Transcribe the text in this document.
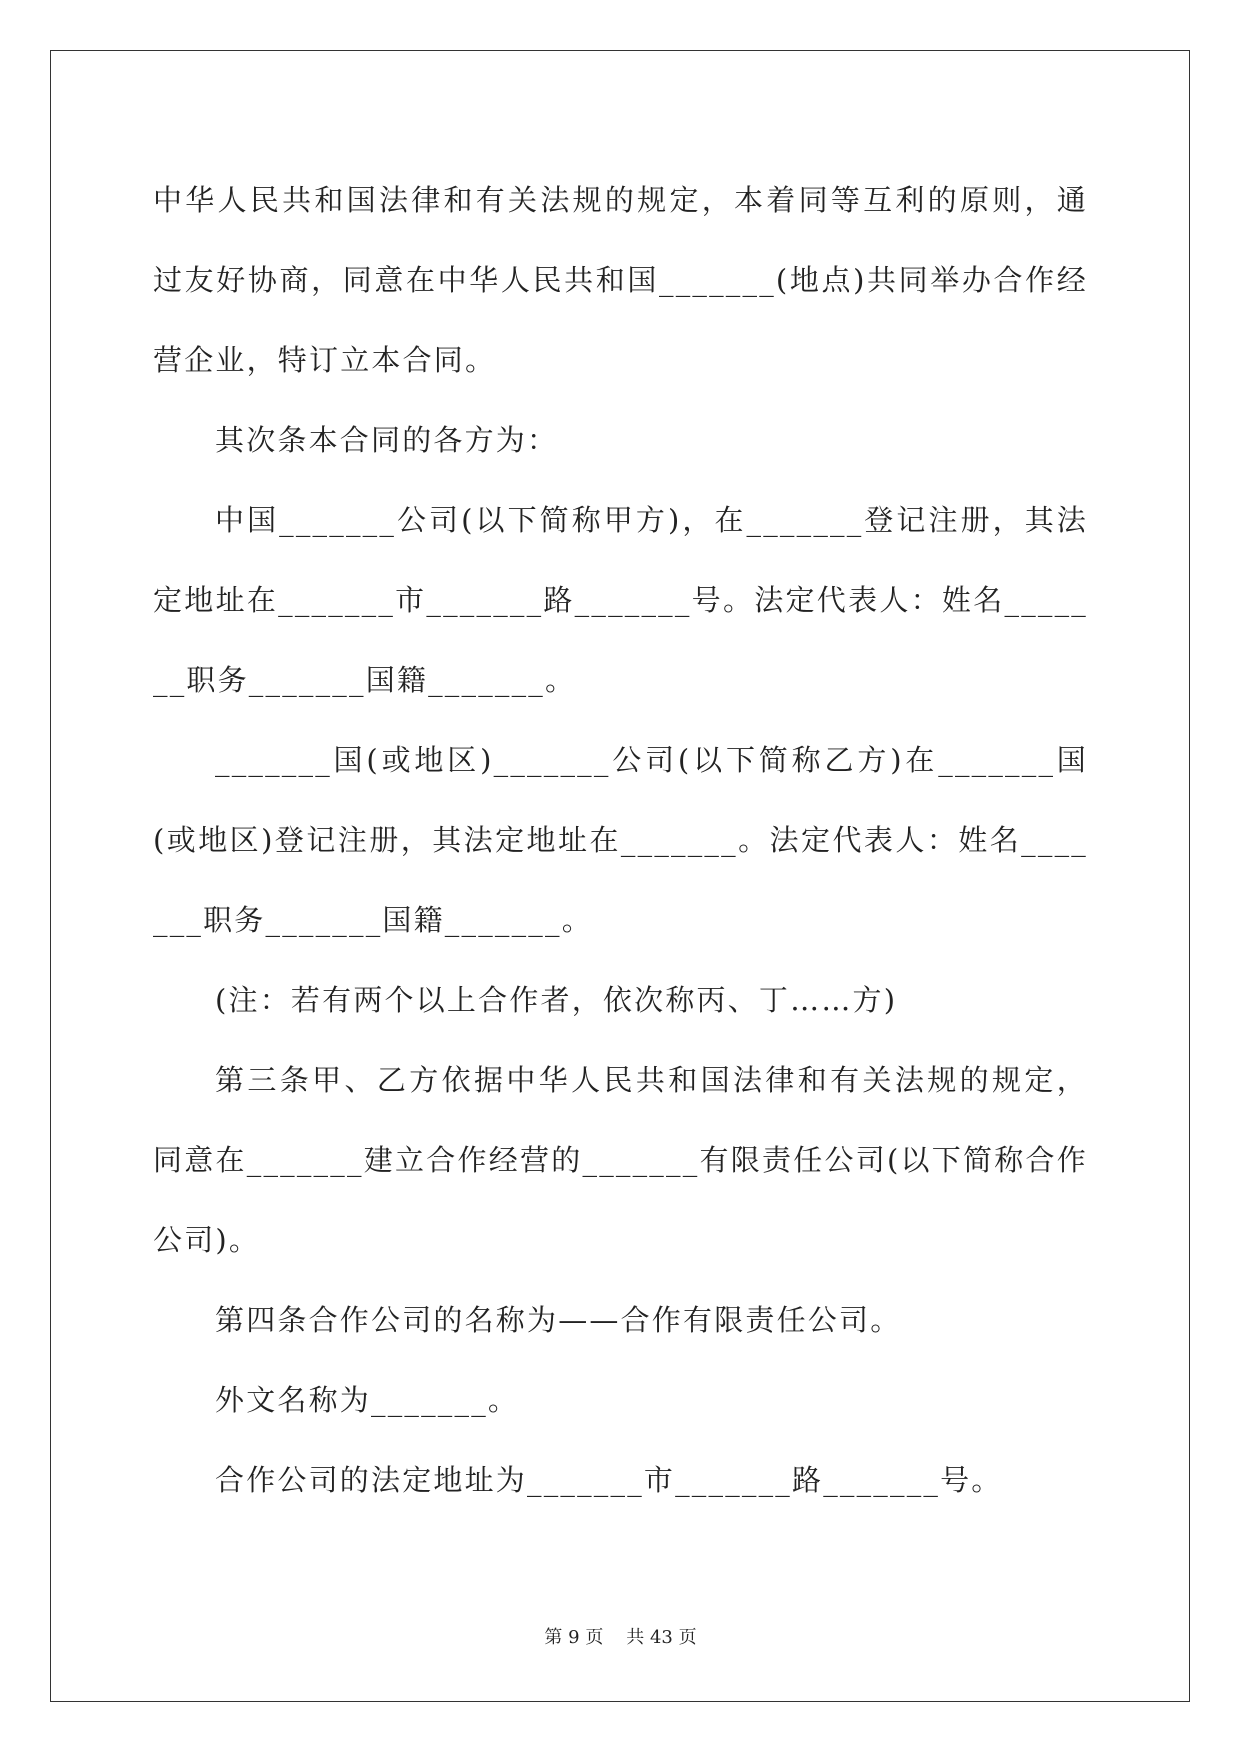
中华人民共和国法律和有关法规的规定，本着同等互利的原则，通过友好协商，同意在中华人民共和国_______(地点)共同举办合作经营企业，特订立本合同。

其次条本合同的各方为：

中国_______公司(以下简称甲方)，在_______登记注册，其法定地址在_______市_______路_______号。法定代表人：姓名_______职务_______国籍_______。

_______国(或地区)_______公司(以下简称乙方)在_______国(或地区)登记注册，其法定地址在_______。法定代表人：姓名_______职务_______国籍_______。

(注：若有两个以上合作者，依次称丙、丁……方)

第三条甲、乙方依据中华人民共和国法律和有关法规的规定，同意在_______建立合作经营的_______有限责任公司(以下简称合作公司)。

第四条合作公司的名称为——合作有限责任公司。

外文名称为_______。

合作公司的法定地址为_______市_______路_______号。

第 9 页 共 43 页
